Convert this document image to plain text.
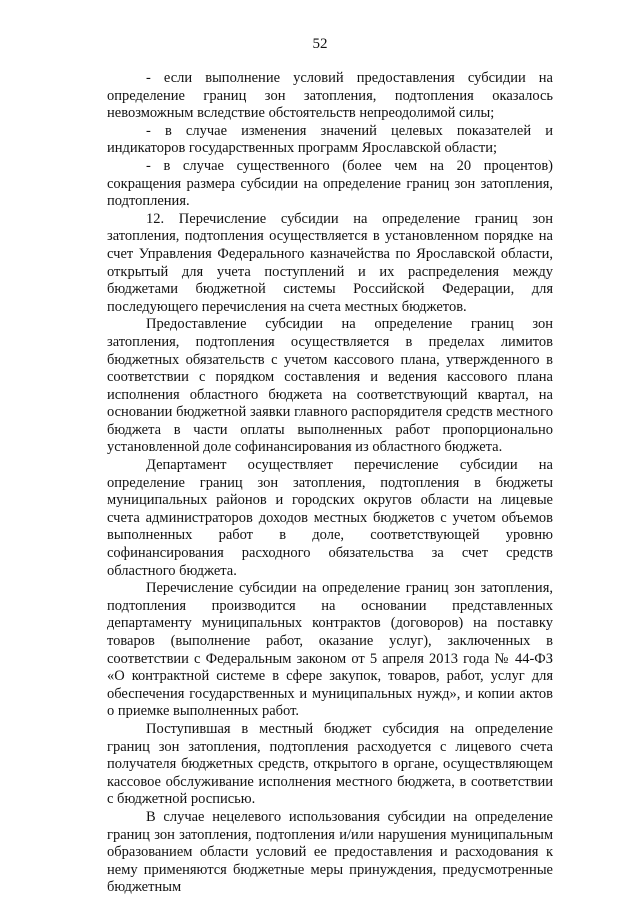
52

- если выполнение условий предоставления субсидии на определение границ зон затопления, подтопления оказалось невозможным вследствие обстоятельств непреодолимой силы;

- в случае изменения значений целевых показателей и индикаторов государственных программ Ярославской области;

- в случае существенного (более чем на 20 процентов) сокращения размера субсидии на определение границ зон затопления, подтопления.

12. Перечисление субсидии на определение границ зон затопления, подтопления осуществляется в установленном порядке на счет Управления Федерального казначейства по Ярославской области, открытый для учета поступлений и их распределения между бюджетами бюджетной системы Российской Федерации, для последующего перечисления на счета местных бюджетов.

Предоставление субсидии на определение границ зон затопления, подтопления осуществляется в пределах лимитов бюджетных обязательств с учетом кассового плана, утвержденного в соответствии с порядком составления и ведения кассового плана исполнения областного бюджета на соответствующий квартал, на основании бюджетной заявки главного распорядителя средств местного бюджета в части оплаты выполненных работ пропорционально установленной доле софинансирования из областного бюджета.

Департамент осуществляет перечисление субсидии на определение границ зон затопления, подтопления в бюджеты муниципальных районов и городских округов области на лицевые счета администраторов доходов местных бюджетов с учетом объемов выполненных работ в доле, соответствующей уровню софинансирования расходного обязательства за счет средств областного бюджета.

Перечисление субсидии на определение границ зон затопления, подтопления производится на основании представленных департаменту муниципальных контрактов (договоров) на поставку товаров (выполнение работ, оказание услуг), заключенных в соответствии с Федеральным законом от 5 апреля 2013 года № 44-ФЗ «О контрактной системе в сфере закупок, товаров, работ, услуг для обеспечения государственных и муниципальных нужд», и копии актов о приемке выполненных работ.

Поступившая в местный бюджет субсидия на определение границ зон затопления, подтопления расходуется с лицевого счета получателя бюджетных средств, открытого в органе, осуществляющем кассовое обслуживание исполнения местного бюджета, в соответствии с бюджетной росписью.

В случае нецелевого использования субсидии на определение границ зон затопления, подтопления и/или нарушения муниципальным образованием области условий ее предоставления и расходования к нему применяются бюджетные меры принуждения, предусмотренные бюджетным
